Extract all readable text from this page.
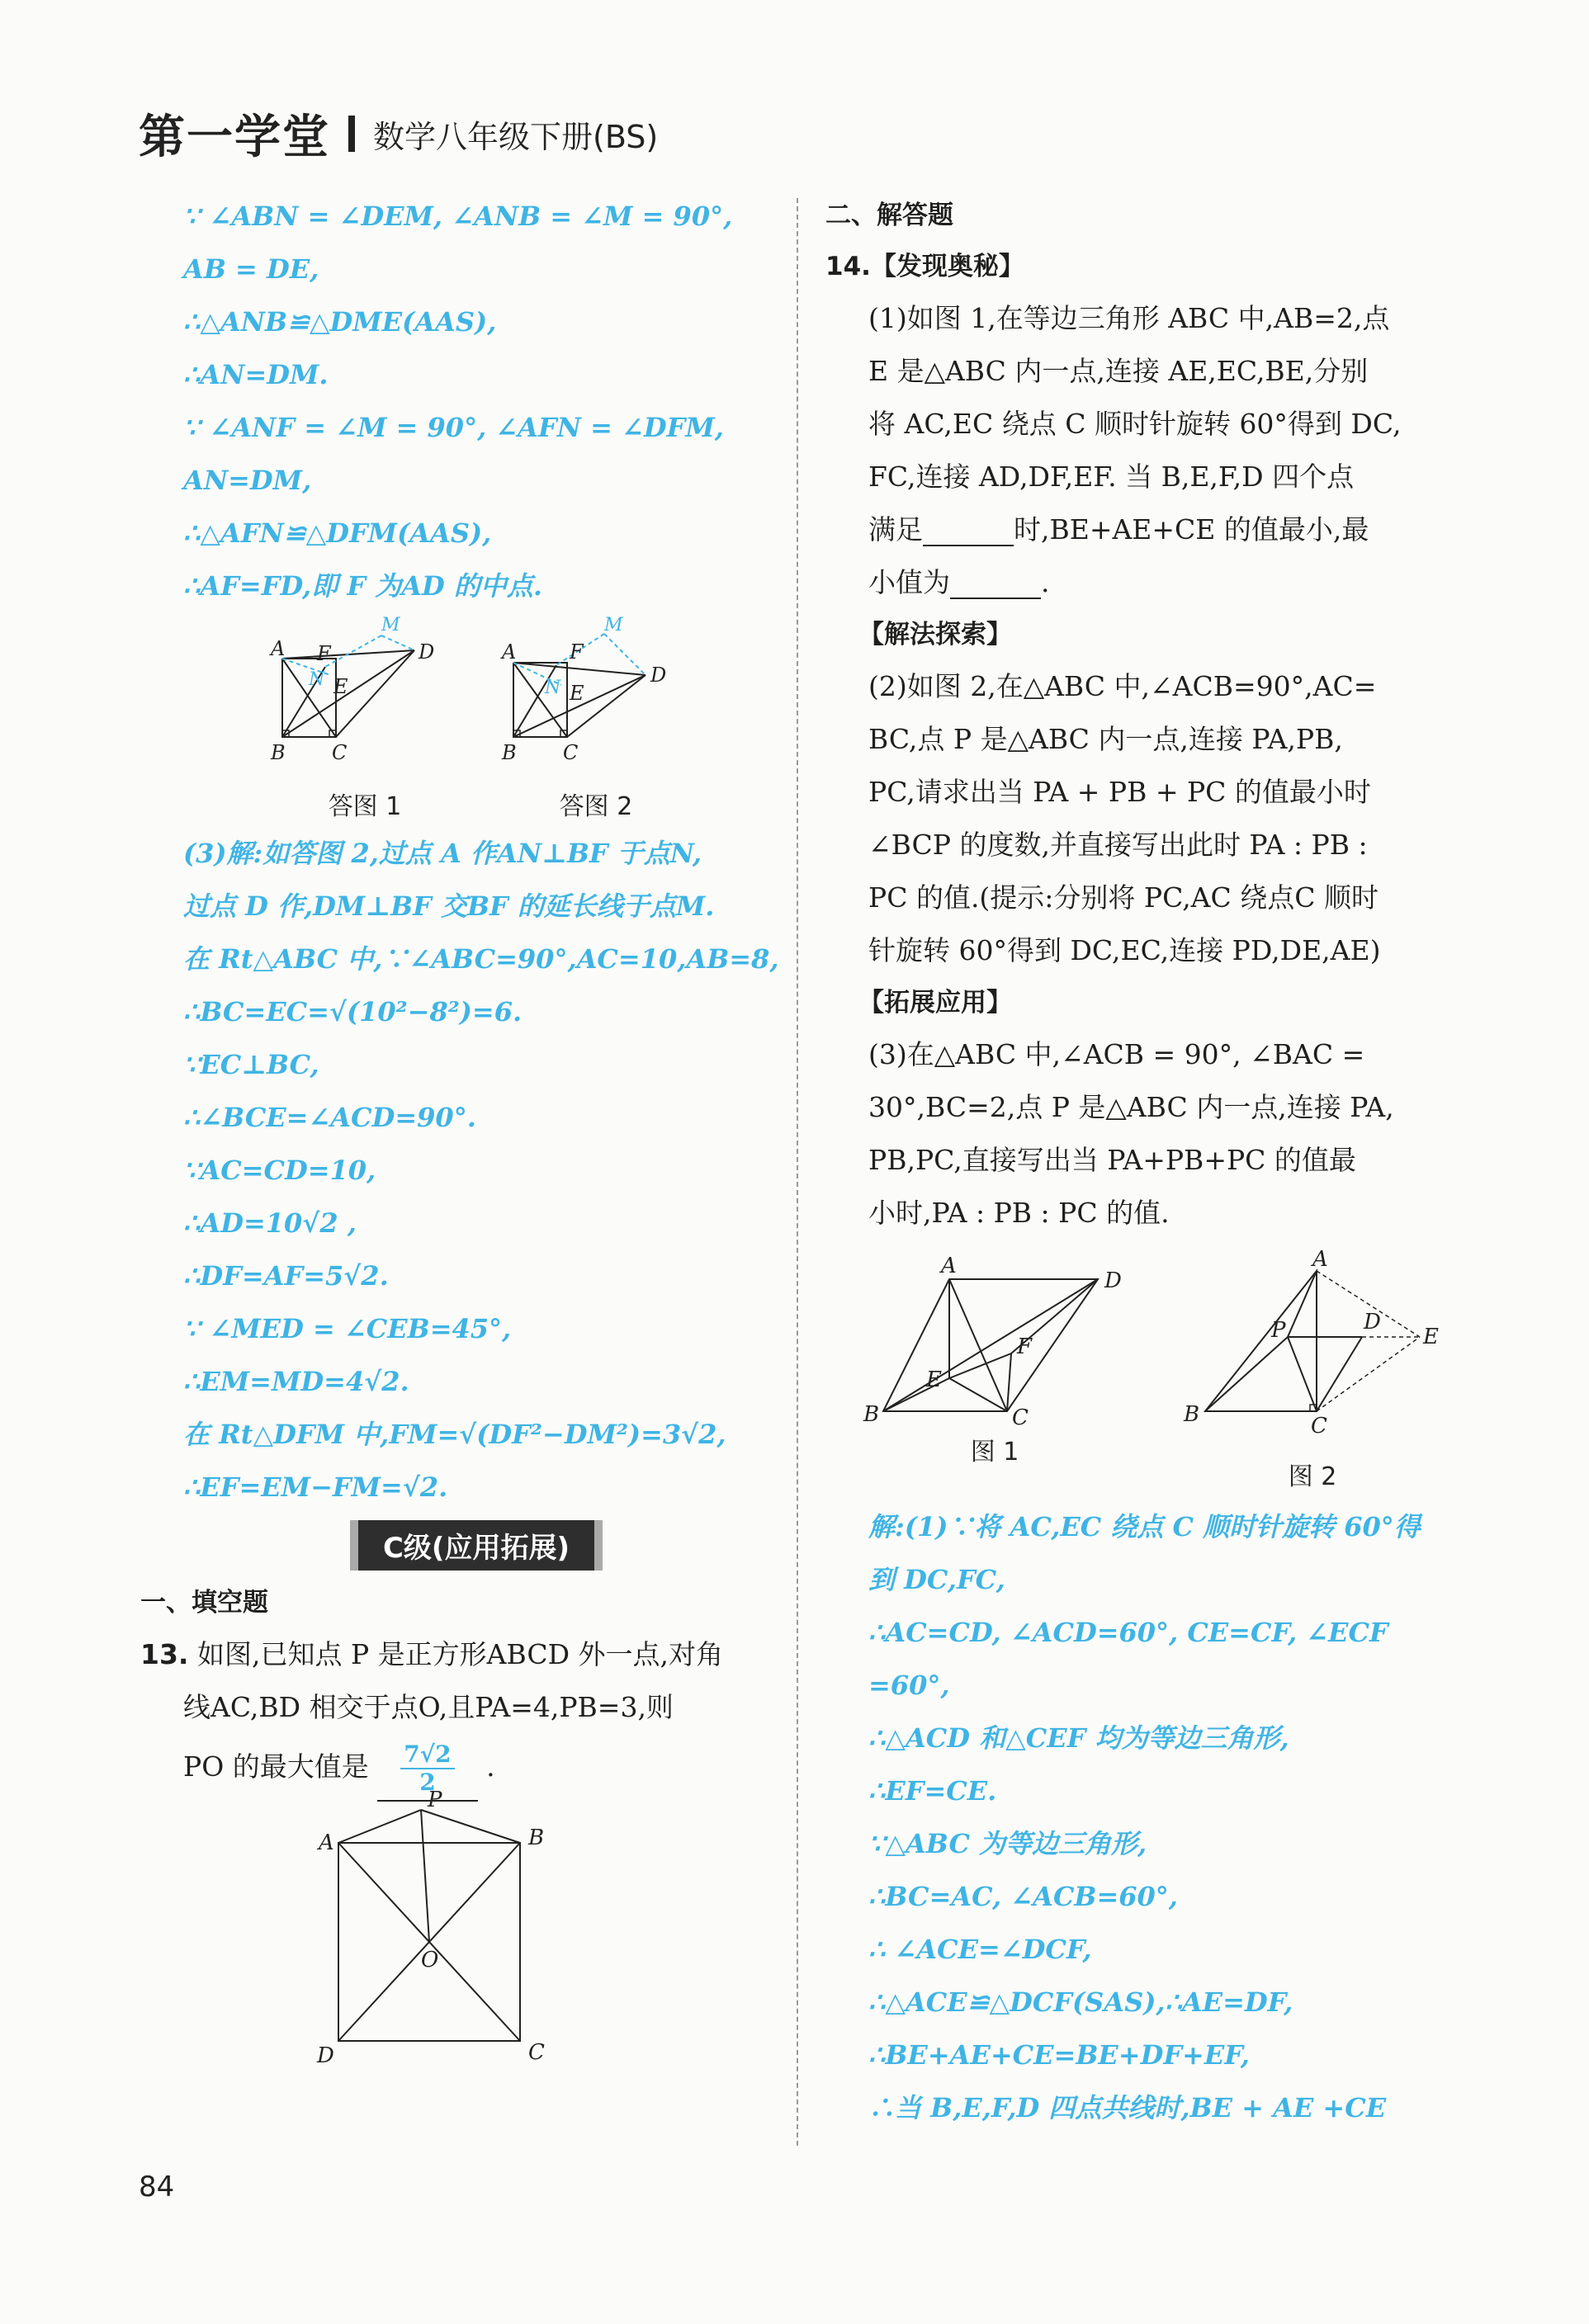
第一学堂 数学八年级下册(BS)
∵ ∠ABN = ∠DEM, ∠ANB = ∠M = 90°,
AB = DE,
∴△ANB≌△DME(AAS),
∴AN=DM.
∵ ∠ANF = ∠M = 90°, ∠AFN = ∠DFM,
AN=DM,
∴△AFN≌△DFM(AAS),
∴AF=FD,即 F 为AD 的中点.
A
B C
D
E
F
M
N
答图 1
A
B C
D
E
F
M
N
答图 2
(3)解:如答图 2,过点 A 作AN⊥BF 于点N,
过点 D 作,DM⊥BF 交BF 的延长线于点M.
在 Rt△ABC 中,∵∠ABC=90°,AC=10,AB=8,
∴BC=EC=√(10²−8²)=6.
∵EC⊥BC,
∴∠BCE=∠ACD=90°.
∵AC=CD=10,
∴AD=10√2 ,
∴DF=AF=5√2.
∵ ∠MED = ∠CEB=45°,
∴EM=MD=4√2.
在 Rt△DFM 中,FM=√(DF²−DM²)=3√2,
∴EF=EM−FM=√2.
C级(应用拓展)
一、填空题
13. 如图,已知点 P 是正方形ABCD 外一点,对角
线AC,BD 相交于点O,且PA=4,PB=3,则
PO 的最大值是 $\frac{7√2}{2}$ .
P
A	B
C
D
O
二、解答题
14.【发现奥秘】
(1)如图 1,在等边三角形 ABC 中,AB=2,点
E 是△ABC 内一点,连接 AE,EC,BE,分别
将 AC,EC 绕点 C 顺时针旋转 60°得到 DC,
FC,连接 AD,DF,EF. 当 B,E,F,D 四个点
满足	时,BE+AE+CE 的值最小,最
小值为	.
【解法探索】
(2)如图 2,在△ABC 中,∠ACB=90°,AC=
BC,点 P 是△ABC 内一点,连接 PA,PB,
PC,请求出当 PA + PB + PC 的值最小时
∠BCP 的度数,并直接写出此时 PA : PB :
PC 的值.(提示:分别将 PC,AC 绕点C 顺时
针旋转 60°得到 DC,EC,连接 PD,DE,AE)
【拓展应用】
(3)在△ABC 中,∠ACB = 90°, ∠BAC =
30°,BC=2,点 P 是△ABC 内一点,连接 PA,
PB,PC,直接写出当 PA+PB+PC 的值最
小时,PA : PB : PC 的值.
A
D
B	C
E
F
图 1
A
P	D
E
B	C
图 2
解:(1)∵将 AC,EC 绕点 C 顺时针旋转 60°得
到 DC,FC,
∴AC=CD, ∠ACD=60°, CE=CF, ∠ECF
=60°,
∴△ACD 和△CEF 均为等边三角形,
∴EF=CE.
∵△ABC 为等边三角形,
∴BC=AC, ∠ACB=60°,
∴ ∠ACE=∠DCF,
∴△ACE≌△DCF(SAS),∴AE=DF,
∴BE+AE+CE=BE+DF+EF,
∴当 B,E,F,D 四点共线时,BE + AE +CE
84
